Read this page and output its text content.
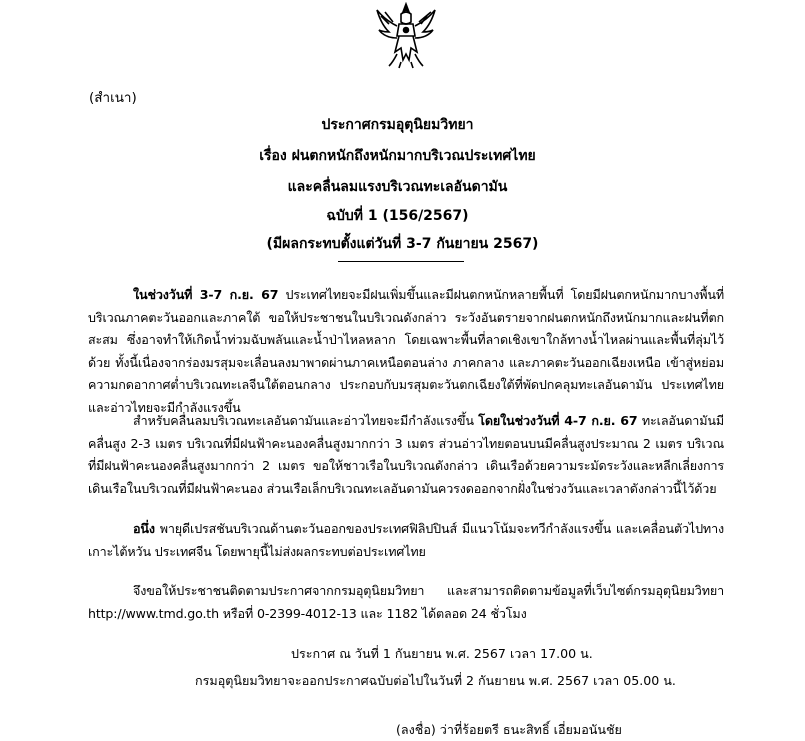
(สำเนา)
ประกาศกรมอุตุนิยมวิทยา
เรื่อง ฝนตกหนักถึงหนักมากบริเวณประเทศไทย
และคลื่นลมแรงบริเวณทะเลอันดามัน
ฉบับที่ 1 (156/2567)
(มีผลกระทบตั้งแต่วันที่ 3-7 กันยายน 2567)
ในช่วงวันที่ 3-7 ก.ย. 67 ประเทศไทยจะมีฝนเพิ่มขึ้นและมีฝนตกหนักหลายพื้นที่ โดยมีฝนตกหนักมากบางพื้นที่บริเวณภาคตะวันออกและภาคใต้ ขอให้ประชาชนในบริเวณดังกล่าว ระวังอันตรายจากฝนตกหนักถึงหนักมากและฝนที่ตกสะสม ซึ่งอาจทำให้เกิดน้ำท่วมฉับพลันและน้ำป่าไหลหลาก โดยเฉพาะพื้นที่ลาดเชิงเขาใกล้ทางน้ำไหลผ่านและพื้นที่ลุ่มไว้ด้วย ทั้งนี้เนื่องจากร่องมรสุมจะเลื่อนลงมาพาดผ่านภาคเหนือตอนล่าง ภาคกลาง และภาคตะวันออกเฉียงเหนือ เข้าสู่หย่อมความกดอากาศต่ำบริเวณทะเลจีนใต้ตอนกลาง ประกอบกับมรสุมตะวันตกเฉียงใต้ที่พัดปกคลุมทะเลอันดามัน ประเทศไทย และอ่าวไทยจะมีกำลังแรงขึ้น
สำหรับคลื่นลมบริเวณทะเลอันดามันและอ่าวไทยจะมีกำลังแรงขึ้น โดยในช่วงวันที่ 4-7 ก.ย. 67 ทะเลอันดามันมีคลื่นสูง 2-3 เมตร บริเวณที่มีฝนฟ้าคะนองคลื่นสูงมากกว่า 3 เมตร ส่วนอ่าวไทยตอนบนมีคลื่นสูงประมาณ 2 เมตร บริเวณที่มีฝนฟ้าคะนองคลื่นสูงมากกว่า 2 เมตร ขอให้ชาวเรือในบริเวณดังกล่าว เดินเรือด้วยความระมัดระวังและหลีกเลี่ยงการเดินเรือในบริเวณที่มีฝนฟ้าคะนอง ส่วนเรือเล็กบริเวณทะเลอันดามันควรงดออกจากฝั่งในช่วงวันและเวลาดังกล่าวนี้ไว้ด้วย
อนึ่ง พายุดีเปรสชันบริเวณด้านตะวันออกของประเทศฟิลิปปินส์ มีแนวโน้มจะทวีกำลังแรงขึ้น และเคลื่อนตัวไปทางเกาะไต้หวัน ประเทศจีน โดยพายุนี้ไม่ส่งผลกระทบต่อประเทศไทย
จึงขอให้ประชาชนติดตามประกาศจากกรมอุตุนิยมวิทยา และสามารถติดตามข้อมูลที่เว็บไซต์กรมอุตุนิยมวิทยา http://www.tmd.go.th หรือที่ 0-2399-4012-13 และ 1182 ได้ตลอด 24 ชั่วโมง
ประกาศ ณ วันที่ 1 กันยายน พ.ศ. 2567 เวลา 17.00 น.
กรมอุตุนิยมวิทยาจะออกประกาศฉบับต่อไปในวันที่ 2 กันยายน พ.ศ. 2567 เวลา 05.00 น.
(ลงชื่อ) ว่าที่ร้อยตรี ธนะสิทธิ์ เอี่ยมอนันชัย
